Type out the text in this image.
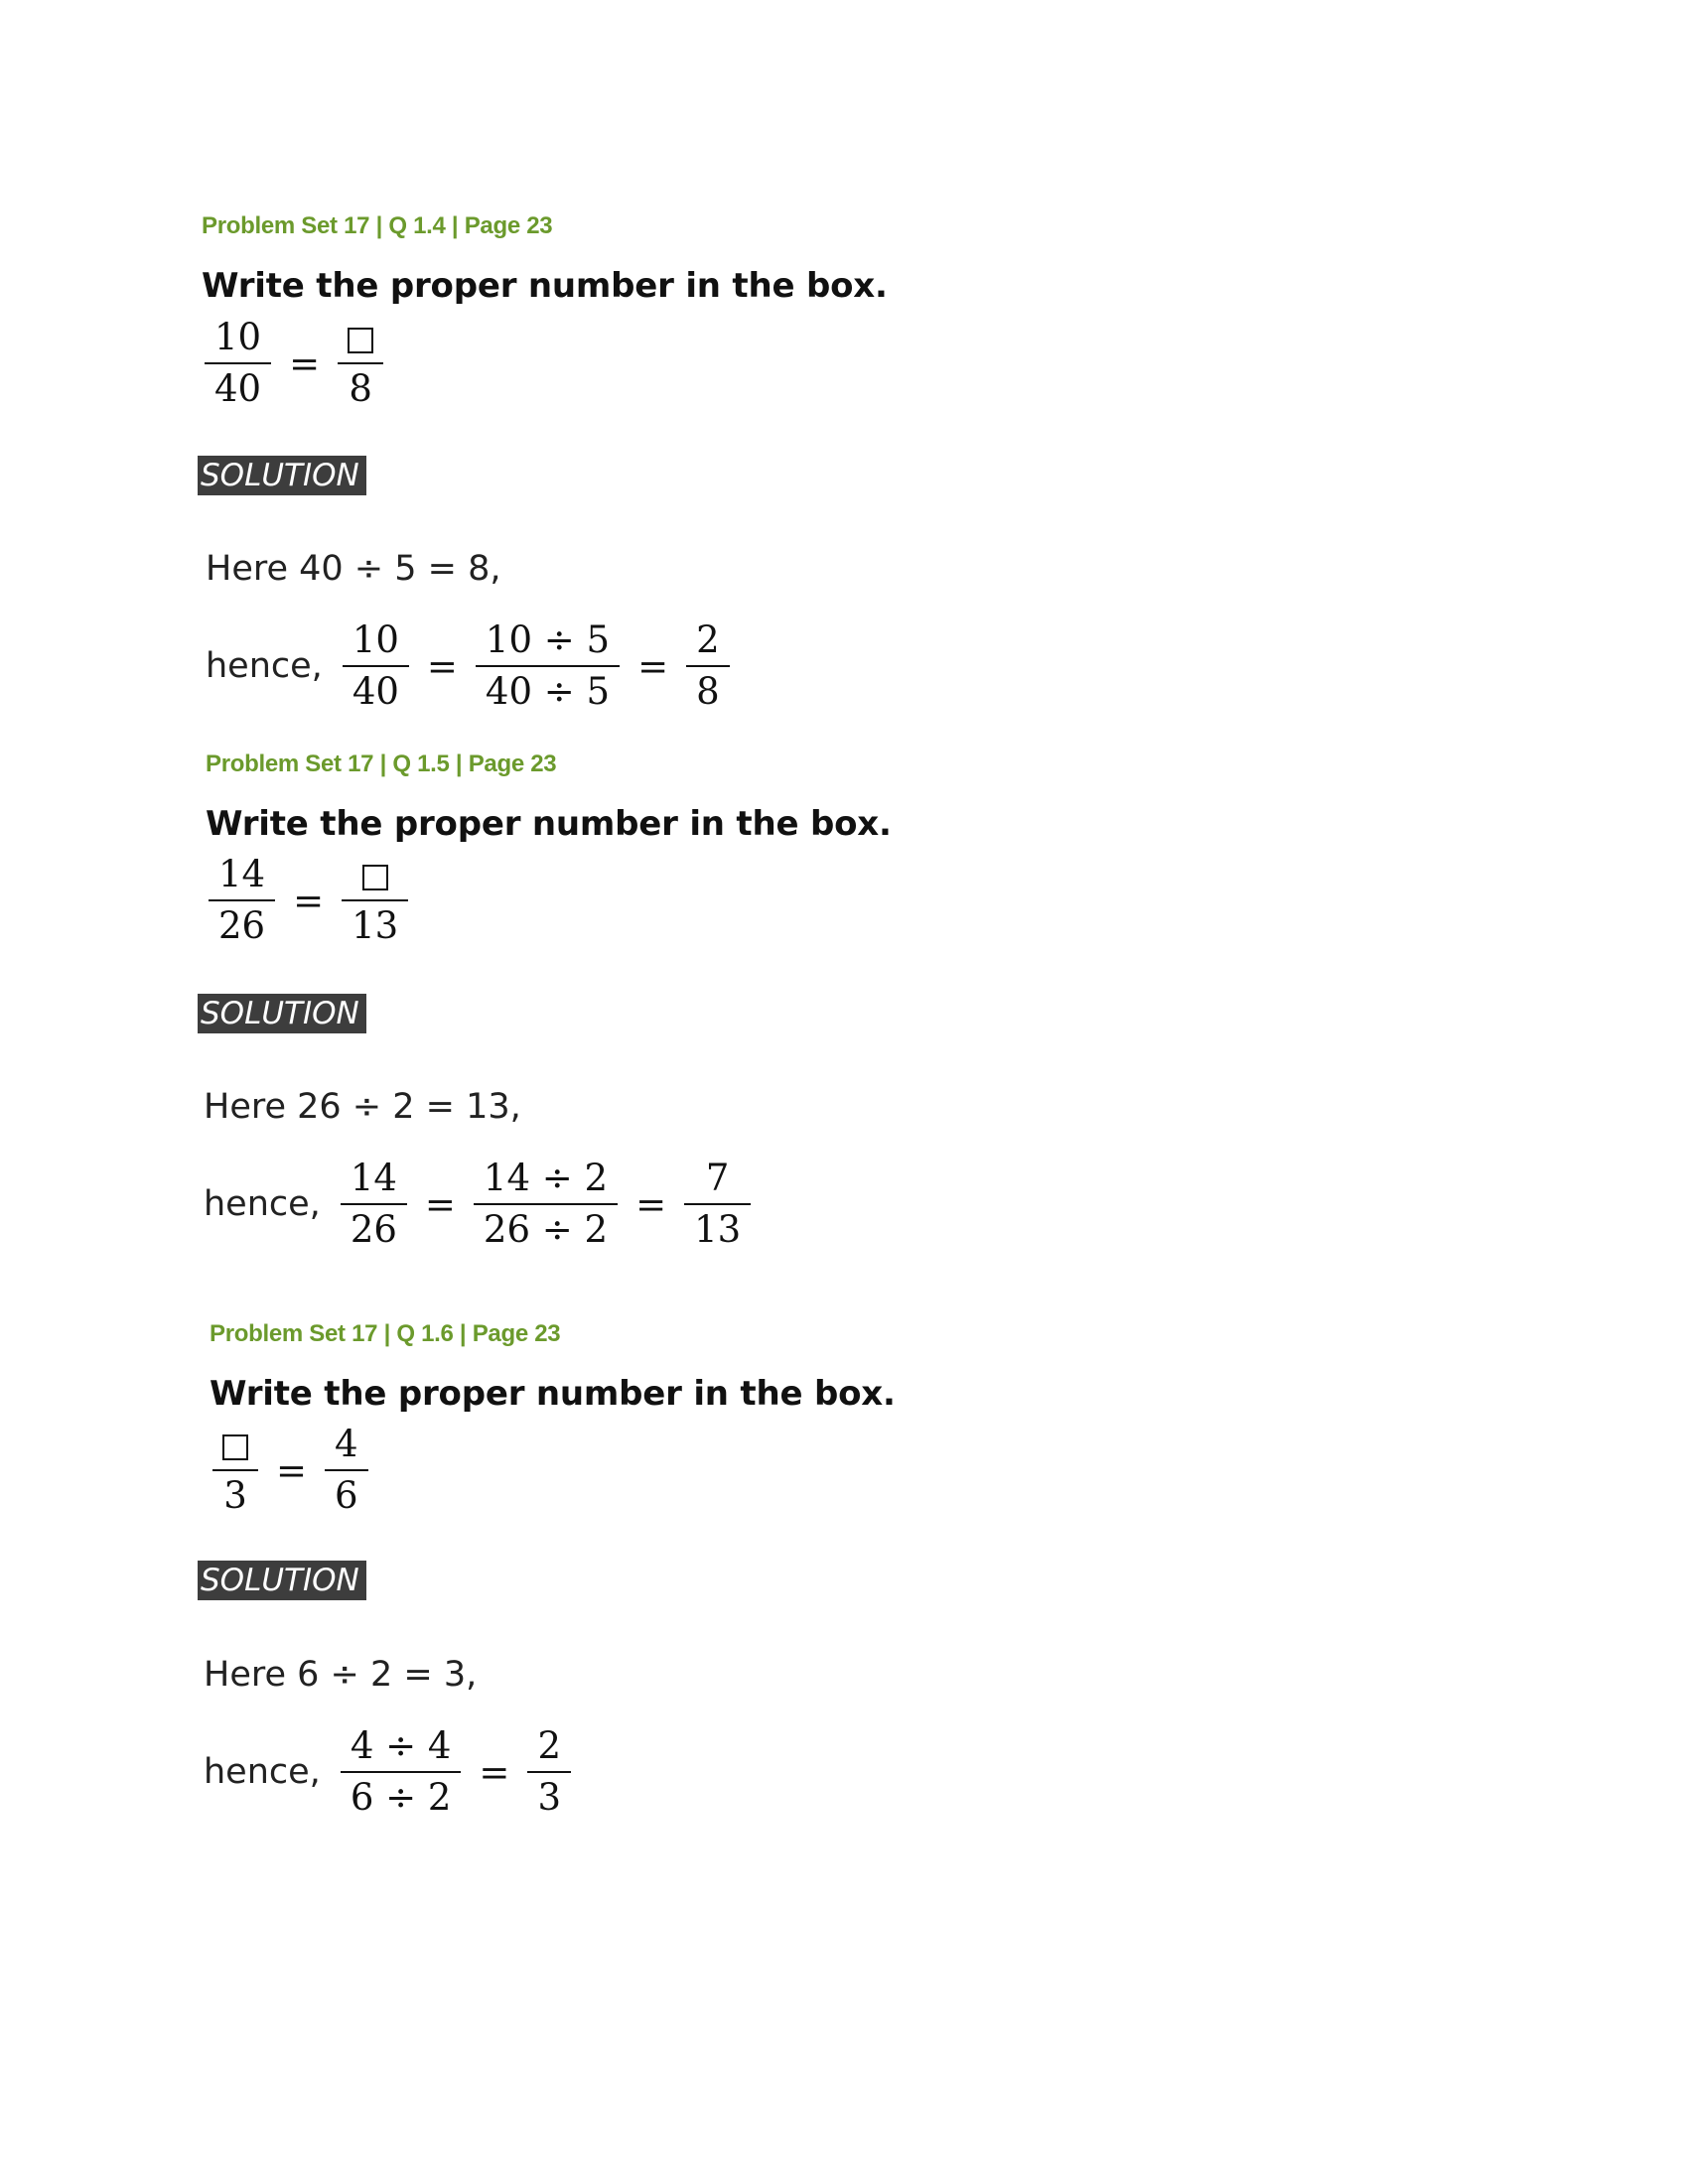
Problem Set 17 | Q 1.4 | Page 23
Write the proper number in the box.
$\frac{10}{40}$ =
8
SOLUTION
Here 40 ÷ 5 = 8,
hence, $\frac{10}{40} = \frac{10 \div 5}{40 \div 5} = \frac{2}{8}$
Problem Set 17 | Q 1.5 | Page 23
Write the proper number in the box.
$\frac{14}{26}$ =
13
SOLUTION
Here 26 ÷ 2 = 13,
hence, $\frac{14}{26} = \frac{14 \div 2}{26 \div 2} = \frac{7}{13}$
Problem Set 17 | Q 1.6 | Page 23
Write the proper number in the box.
3
= $\frac{4}{6}$
SOLUTION
Here 6 ÷ 2 = 3,
hence, $\frac{4 \div 4}{6 \div 2} = \frac{2}{3}$
